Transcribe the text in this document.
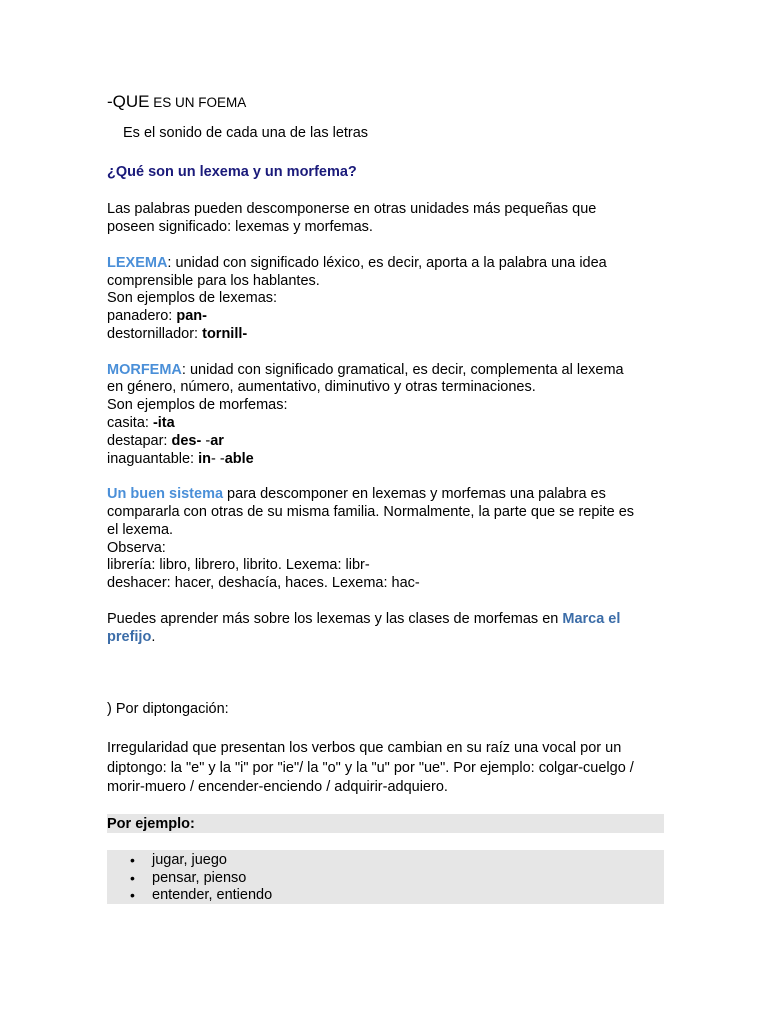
-QUE ES UN FOEMA
Es el sonido de cada una de las letras
¿Qué son un lexema y un morfema?
Las palabras pueden descomponerse en otras unidades más pequeñas que
poseen significado: lexemas y morfemas.
LEXEMA: unidad con significado léxico, es decir, aporta a la palabra una idea
comprensible para los hablantes.
Son ejemplos de lexemas:
panadero: pan-
destornillador: tornill-
MORFEMA: unidad con significado gramatical, es decir, complementa al lexema
en género, número, aumentativo, diminutivo y otras terminaciones.
Son ejemplos de morfemas:
casita: -ita
destapar: des- -ar
inaguantable: in- -able
Un buen sistema para descomponer en lexemas y morfemas una palabra es
compararla con otras de su misma familia. Normalmente, la parte que se repite es
el lexema.
Observa:
librería: libro, librero, librito. Lexema: libr-
deshacer: hacer, deshacía, haces. Lexema: hac-
Puedes aprender más sobre los lexemas y las clases de morfemas en Marca el
prefijo.
) Por diptongación:
Irregularidad que presentan los verbos que cambian en su raíz una vocal por un
diptongo: la "e" y la "i" por "ie"/ la "o" y la "u" por "ue". Por ejemplo: colgar-cuelgo /
morir-muero / encender-enciendo / adquirir-adquiero.
Por ejemplo:
• jugar, juego
• pensar, pienso
• entender, entiendo
